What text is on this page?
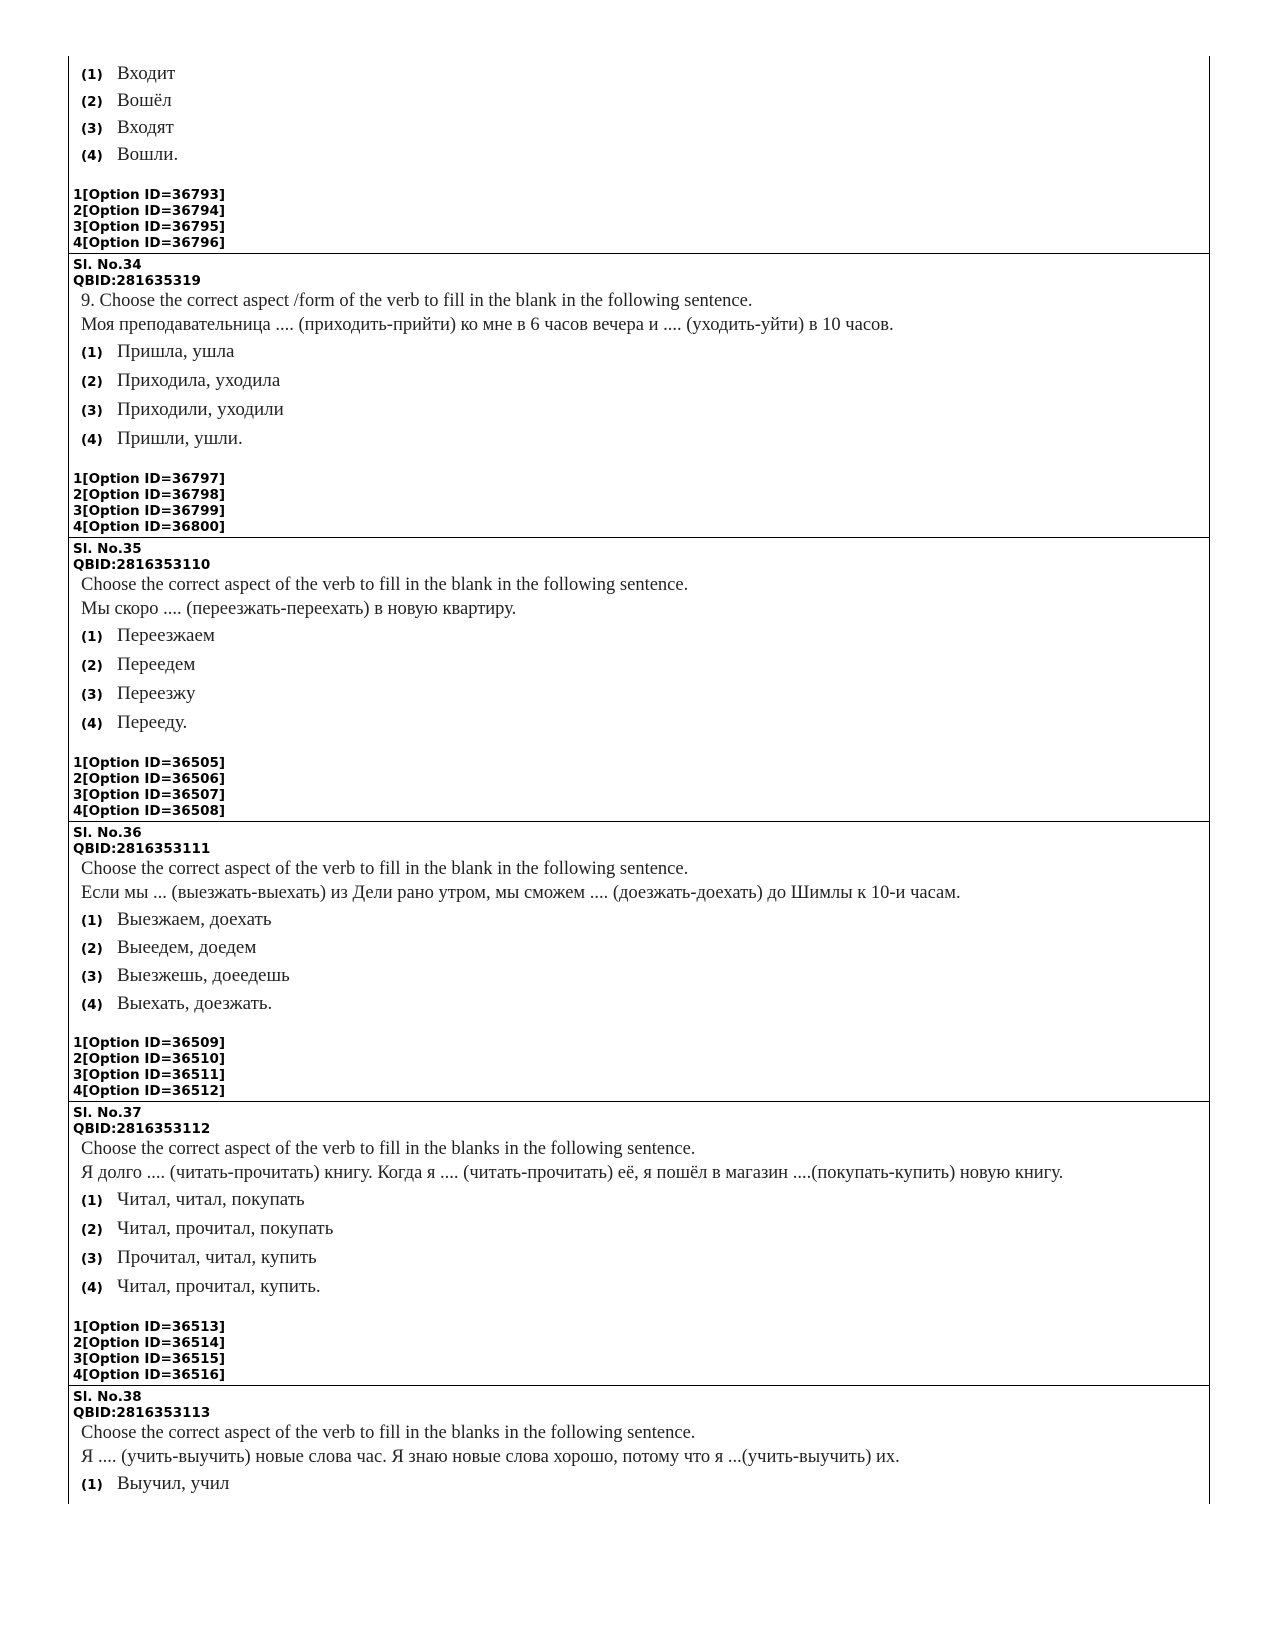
(1) Входит
(2) Вошёл
(3) Входят
(4) Вошли.
1[Option ID=36793]
2[Option ID=36794]
3[Option ID=36795]
4[Option ID=36796]
Sl. No.34
QBID:281635319
9. Choose the correct aspect /form of the verb to fill in the blank in the following sentence.
Моя преподавательница .... (приходить-прийти) ко мне в 6 часов вечера и .... (уходить-уйти) в 10 часов.
(1) Пришла, ушла
(2) Приходила, уходила
(3) Приходили, уходили
(4) Пришли, ушли.
1[Option ID=36797]
2[Option ID=36798]
3[Option ID=36799]
4[Option ID=36800]
Sl. No.35
QBID:2816353110
Choose the correct aspect of the verb to fill in the blank in the following sentence.
Мы скоро .... (переезжать-переехать) в новую квартиру.
(1) Переезжаем
(2) Переедем
(3) Переезжу
(4) Перееду.
1[Option ID=36505]
2[Option ID=36506]
3[Option ID=36507]
4[Option ID=36508]
Sl. No.36
QBID:2816353111
Choose the correct aspect of the verb to fill in the blank in the following sentence.
Если мы ... (выезжать-выехать) из Дели рано утром, мы сможем .... (доезжать-доехать) до Шимлы к 10-и часам.
(1) Выезжаем, доехать
(2) Выеедем, доедем
(3) Выезжешь, доеедешь
(4) Выехать, доезжать.
1[Option ID=36509]
2[Option ID=36510]
3[Option ID=36511]
4[Option ID=36512]
Sl. No.37
QBID:2816353112
Choose the correct aspect of the verb to fill in the blanks in the following sentence.
Я долго .... (читать-прочитать) книгу. Когда я .... (читать-прочитать) её, я пошёл в магазин ....(покупать-купить) новую книгу.
(1) Читал, читал, покупать
(2) Читал, прочитал, покупать
(3) Прочитал, читал, купить
(4) Читал, прочитал, купить.
1[Option ID=36513]
2[Option ID=36514]
3[Option ID=36515]
4[Option ID=36516]
Sl. No.38
QBID:2816353113
Choose the correct aspect of the verb to fill in the blanks in the following sentence.
Я .... (учить-выучить) новые слова час. Я знаю новые слова хорошо, потому что я ...(учить-выучить) их.
(1) Выучил, учил
